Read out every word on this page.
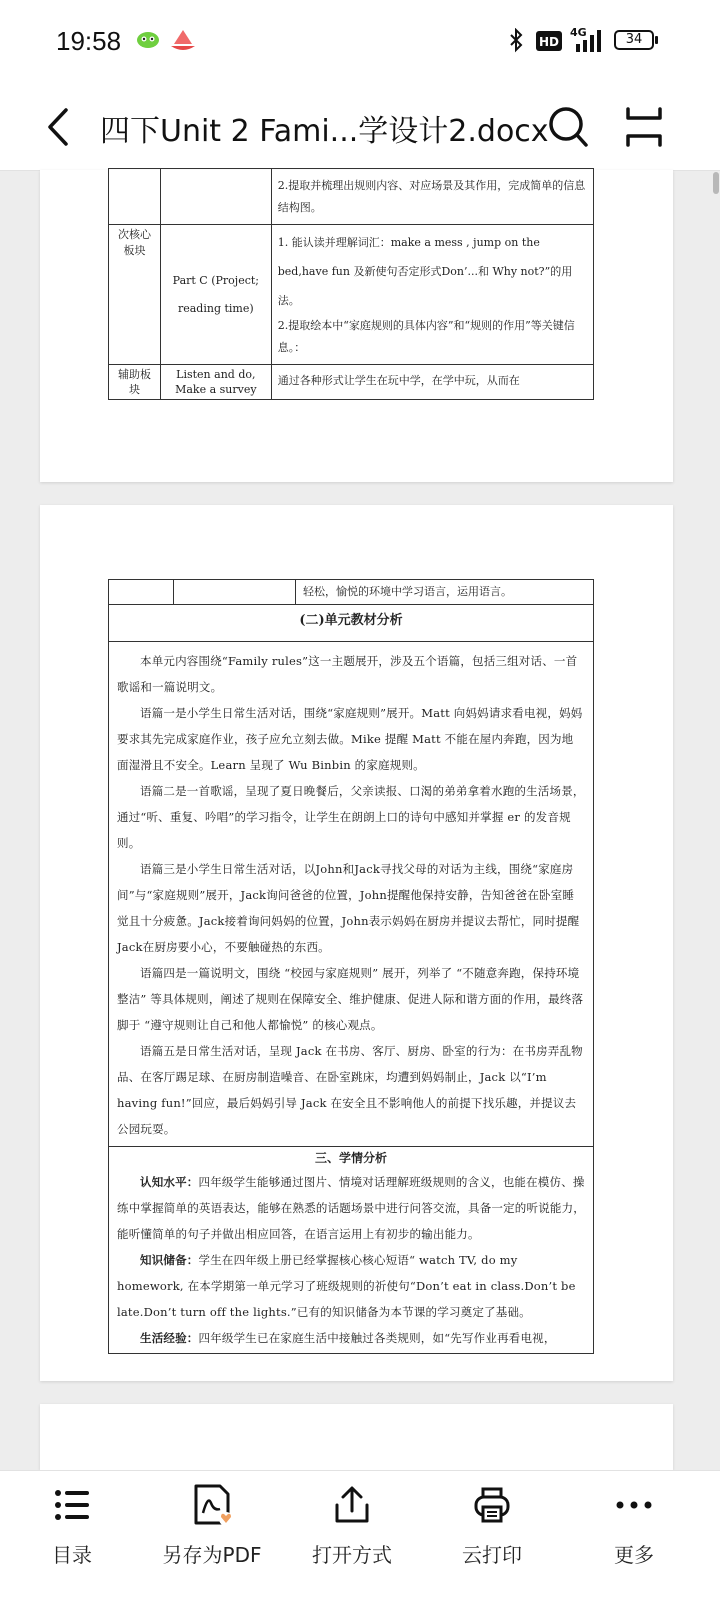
19:58	HD
4G	34
四下Unit 2 Fami...学设计2.docx
		2.提取并梳理出规则内容、对应场景及其作用，完成简单的信息结构图。
次核心板块	Part C (Project; reading time)	1. 能认读并理解词汇：make a mess , jump on the bed,have fun 及新使句否定形式Don’...和 Why not?”的用法。
2.提取绘本中“家庭规则的具体内容”和“规则的作用”等关键信息。：

辅助板块	Listen and do, Make a survey	通过各种形式让学生在玩中学，在学中玩，从而在
轻松，愉悦的环境中学习语言，运用语言。
(二)单元教材分析

本单元内容围绕“Family rules”这一主题展开，涉及五个语篇，包括三组对话、一首歌谣和一篇说明文。

语篇一是小学生日常生活对话，围绕“家庭规则”展开。Matt 向妈妈请求看电视，妈妈要求其先完成家庭作业，孩子应允立刻去做。Mike 提醒 Matt 不能在屋内奔跑，因为地面湿滑且不安全。Learn 呈现了 Wu Binbin 的家庭规则。

语篇二是一首歌谣，呈现了夏日晚餐后，父亲读报、口渴的弟弟拿着水跑的生活场景，通过“听、重复、吟唱”的学习指令，让学生在朗朗上口的诗句中感知并掌握 er 的发音规则。

语篇三是小学生日常生活对话，以John和Jack寻找父母的对话为主线，围绕“家庭房间”与“家庭规则”展开，Jack询问爸爸的位置，John提醒他保持安静，告知爸爸在卧室睡觉且十分疲惫。Jack接着询问妈妈的位置，John表示妈妈在厨房并提议去帮忙，同时提醒Jack在厨房要小心，不要触碰热的东西。

语篇四是一篇说明文，围绕 “校园与家庭规则” 展开，列举了 “不随意奔跑，保持环境整洁” 等具体规则，阐述了规则在保障安全、维护健康、促进人际和谐方面的作用，最终落脚于 “遵守规则让自己和他人都愉悦” 的核心观点。

语篇五是日常生活对话，呈现 Jack 在书房、客厅、厨房、卧室的行为：在书房弄乱物品、在客厅踢足球、在厨房制造噪音、在卧室跳床，均遭到妈妈制止，Jack 以“I’m having fun!”回应，最后妈妈引导 Jack 在安全且不影响他人的前提下找乐趣，并提议去公园玩耍。

三、学情分析

认知水平：四年级学生能够通过图片、情境对话理解班级规则的含义，也能在模仿、操练中掌握简单的英语表达，能够在熟悉的话题场景中进行问答交流，具备一定的听说能力，能听懂简单的句子并做出相应回答，在语言运用上有初步的输出能力。

知识储备：学生在四年级上册已经掌握核心核心短语“ watch TV, do my homework, 在本学期第一单元学习了班级规则的祈使句“Don’t eat in class.Don’t be late.Don’t turn off the lights.”已有的知识储备为本节课的学习奠定了基础。

生活经验：四年级学生已在家庭生活中接触过各类规则，如“先写作业再看电视，

目录	另存为PDF	打开方式	云打印	更多
